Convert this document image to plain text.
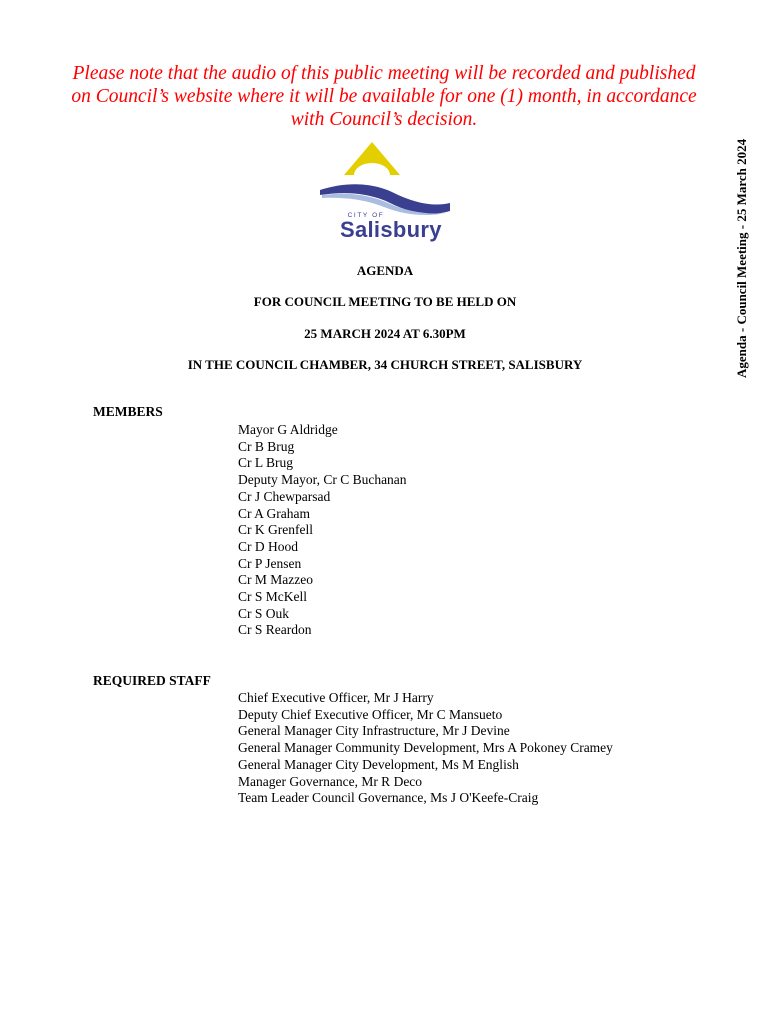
Please note that the audio of this public meeting will be recorded and published on Council’s website where it will be available for one (1) month, in accordance with Council’s decision.
Agenda - Council Meeting - 25 March 2024
CITY OF
Salisbury
AGENDA
FOR COUNCIL MEETING TO BE HELD ON
25 MARCH 2024 AT 6.30PM
IN THE COUNCIL CHAMBER, 34 CHURCH STREET, SALISBURY
MEMBERS
Mayor G Aldridge
Cr B Brug
Cr L Brug
Deputy Mayor, Cr C Buchanan
Cr J Chewparsad
Cr A Graham
Cr K Grenfell
Cr D Hood
Cr P Jensen
Cr M Mazzeo
Cr S McKell
Cr S Ouk
Cr S Reardon
REQUIRED STAFF
Chief Executive Officer, Mr J Harry
Deputy Chief Executive Officer, Mr C Mansueto
General Manager City Infrastructure, Mr J Devine
General Manager Community Development, Mrs A Pokoney Cramey
General Manager City Development, Ms M English
Manager Governance, Mr R Deco
Team Leader Council Governance, Ms J O'Keefe-Craig
